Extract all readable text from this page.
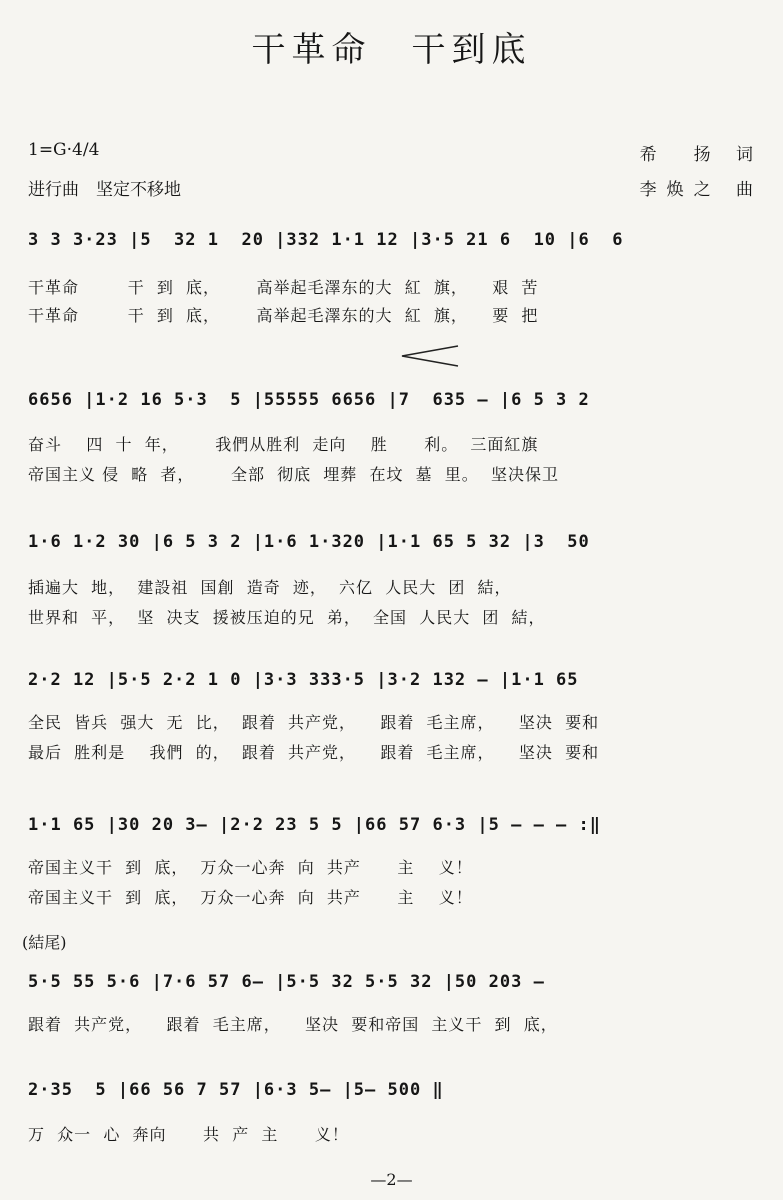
干革命　干到底
1=G·4/4
进行曲　坚定不移地
希　扬 词
李焕之 曲
3 3 3·23 |5  32 1  20 |332 1·1 12 |3·5 21 6  10 |6  6
干革命        干  到  底，      高举起毛澤东的大  紅  旗，    艰  苦
干革命        干  到  底，      高举起毛澤东的大  紅  旗，    要  把
6656 |1·2 16 5·3  5 |55555 6656 |7  635 — |6 5 3 2
奋斗    四  十  年，      我們从胜利  走向    胜      利。  三面紅旗
帝国主义 侵  略  者，      全部  彻底  埋葬  在坟  墓  里。  坚决保卫
1·6 1·2 30 |6 5 3 2 |1·6 1·320 |1·1 65 5 32 |3  50
插遍大  地，  建設祖  国創  造奇  迹，  六亿  人民大  团  結，
世界和  平，  坚  决支  援被压迫的兄  弟，  全国  人民大  团  結，
2·2 12 |5·5 2·2 1 0 |3·3 333·5 |3·2 132 — |1·1 65
全民  皆兵  强大  无  比，  跟着  共产党，    跟着  毛主席，    坚决  要和
最后  胜利是    我們  的，  跟着  共产党，    跟着  毛主席，    坚决  要和
1·1 65 |30 20 3— |2·2 23 5 5 |66 57 6·3 |5 — — — :‖
帝国主义干  到  底，  万众一心奔  向  共产      主    义！
帝国主义干  到  底，  万众一心奔  向  共产      主    义！
(結尾)
5·5 55 5·6 |7·6 57 6— |5·5 32 5·5 32 |50 203 —
跟着  共产党，    跟着  毛主席，    坚决  要和帝国  主义干  到  底，
2·35  5 |66 56 7 57 |6·3 5— |5— 500 ‖
万  众一  心  奔向      共  产  主      义！
—2—
